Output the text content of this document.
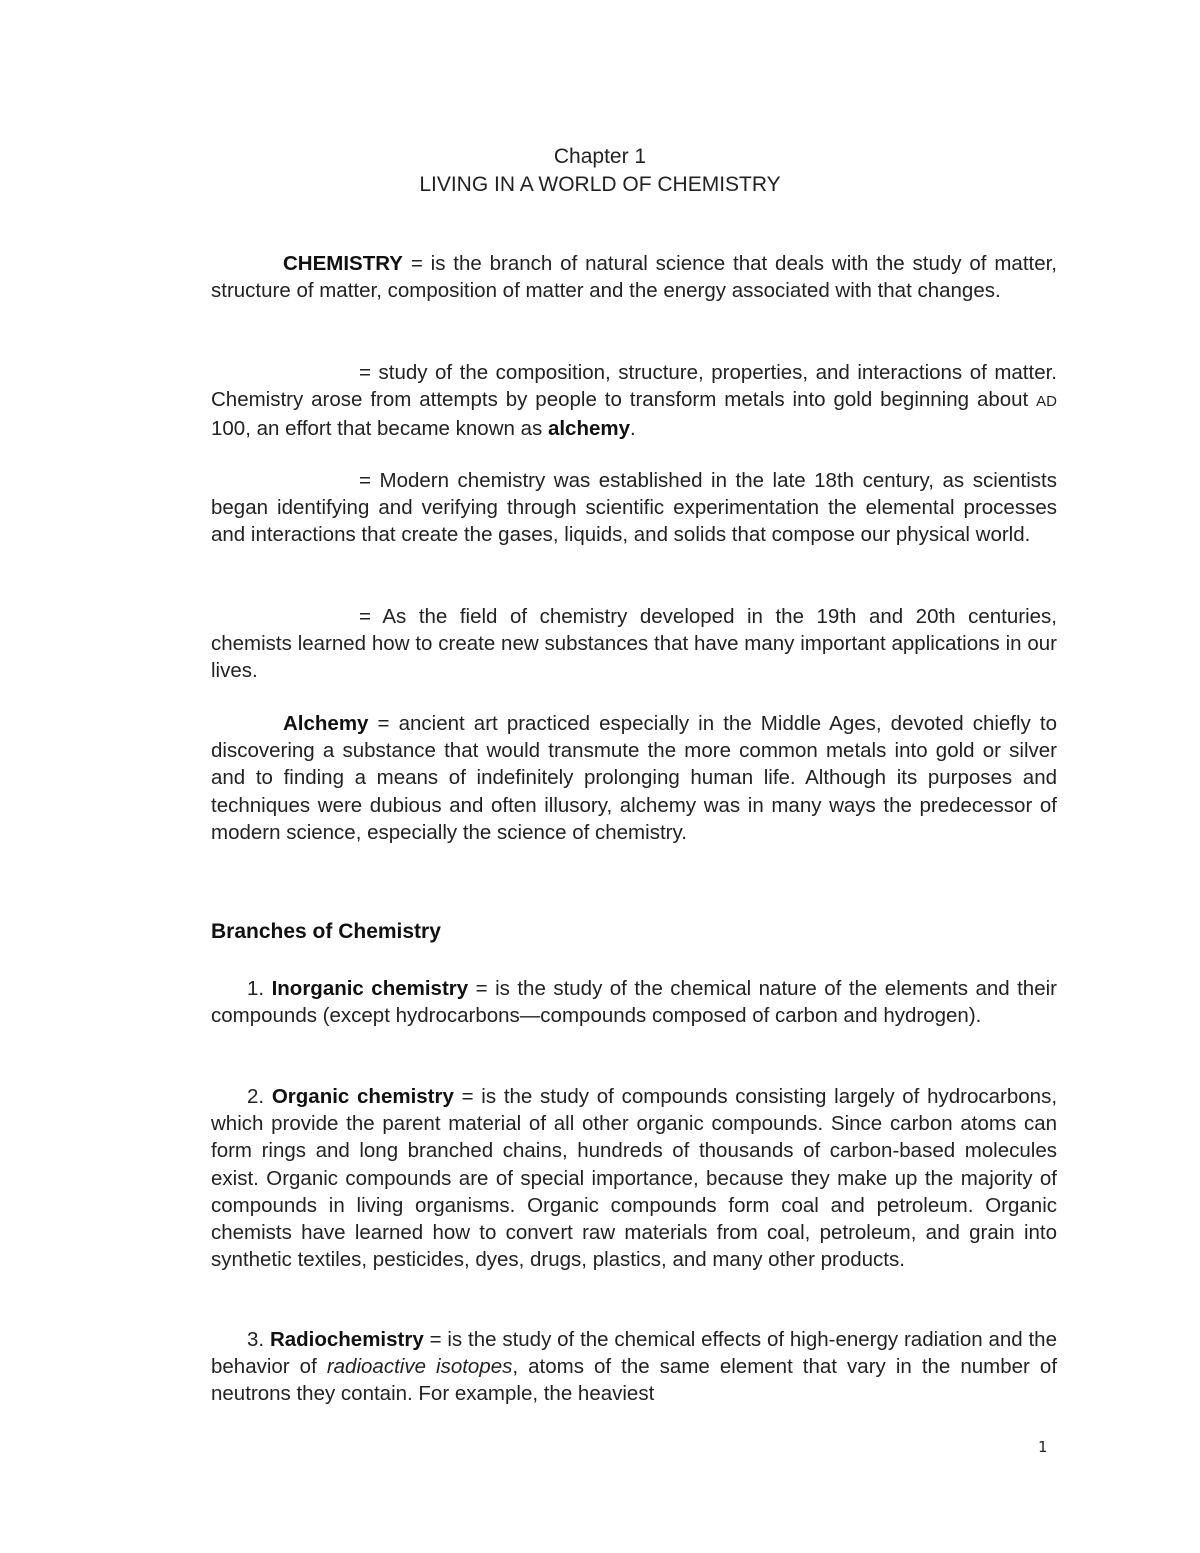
Chapter 1
LIVING IN A WORLD OF CHEMISTRY

CHEMISTRY = is the branch of natural science that deals with the study of matter, structure of matter, composition of matter and the energy associated with that changes.

= study of the composition, structure, properties, and interactions of matter. Chemistry arose from attempts by people to transform metals into gold beginning about AD 100, an effort that became known as alchemy.

= Modern chemistry was established in the late 18th century, as scientists began identifying and verifying through scientific experimentation the elemental processes and interactions that create the gases, liquids, and solids that compose our physical world.

= As the field of chemistry developed in the 19th and 20th centuries, chemists learned how to create new substances that have many important applications in our lives.

Alchemy = ancient art practiced especially in the Middle Ages, devoted chiefly to discovering a substance that would transmute the more common metals into gold or silver and to finding a means of indefinitely prolonging human life. Although its purposes and techniques were dubious and often illusory, alchemy was in many ways the predecessor of modern science, especially the science of chemistry.

Branches of Chemistry

1. Inorganic chemistry = is the study of the chemical nature of the elements and their compounds (except hydrocarbons—compounds composed of carbon and hydrogen).

2. Organic chemistry = is the study of compounds consisting largely of hydrocarbons, which provide the parent material of all other organic compounds. Since carbon atoms can form rings and long branched chains, hundreds of thousands of carbon-based molecules exist. Organic compounds are of special importance, because they make up the majority of compounds in living organisms. Organic compounds form coal and petroleum. Organic chemists have learned how to convert raw materials from coal, petroleum, and grain into synthetic textiles, pesticides, dyes, drugs, plastics, and many other products.

3. Radiochemistry = is the study of the chemical effects of high-energy radiation and the behavior of radioactive isotopes, atoms of the same element that vary in the number of neutrons they contain. For example, the heaviest

1
